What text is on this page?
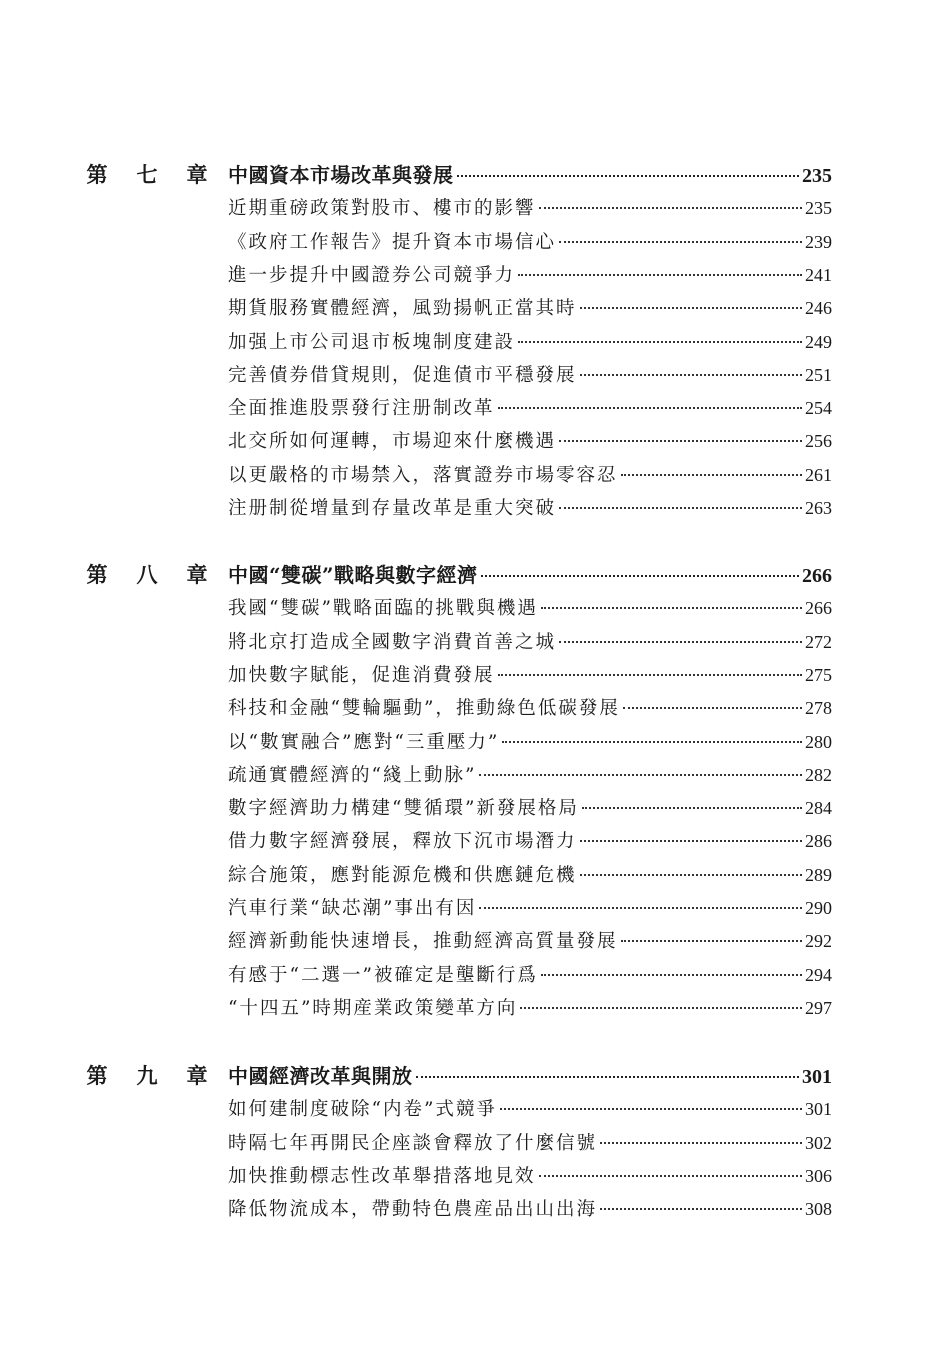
第 七 章 中國資本市場改革與發展	235
近期重磅政策對股市、樓市的影響	235
《政府工作報告》提升資本市場信心	239
進一步提升中國證券公司競爭力	241
期貨服務實體經濟，風勁揚帆正當其時	246
加强上市公司退市板塊制度建設	249
完善債券借貸規則，促進債市平穩發展	251
全面推進股票發行注册制改革	254
北交所如何運轉，市場迎來什麼機遇	256
以更嚴格的市場禁入，落實證券市場零容忍	261
注册制從增量到存量改革是重大突破	263
第 八 章 中國“雙碳”戰略與數字經濟	266
我國“雙碳”戰略面臨的挑戰與機遇	266
將北京打造成全國數字消費首善之城	272
加快數字賦能，促進消費發展	275
科技和金融“雙輪驅動”，推動綠色低碳發展	278
以“數實融合”應對“三重壓力”	280
疏通實體經濟的“綫上動脉”	282
數字經濟助力構建“雙循環”新發展格局	284
借力數字經濟發展，釋放下沉市場潛力	286
綜合施策，應對能源危機和供應鏈危機	289
汽車行業“缺芯潮”事出有因	290
經濟新動能快速增長，推動經濟高質量發展	292
有感于“二選一”被確定是壟斷行爲	294
“十四五”時期産業政策變革方向	297
第 九 章 中國經濟改革與開放	301
如何建制度破除“内卷”式競爭	301
時隔七年再開民企座談會釋放了什麼信號	302
加快推動標志性改革舉措落地見效	306
降低物流成本，帶動特色農産品出山出海	308
